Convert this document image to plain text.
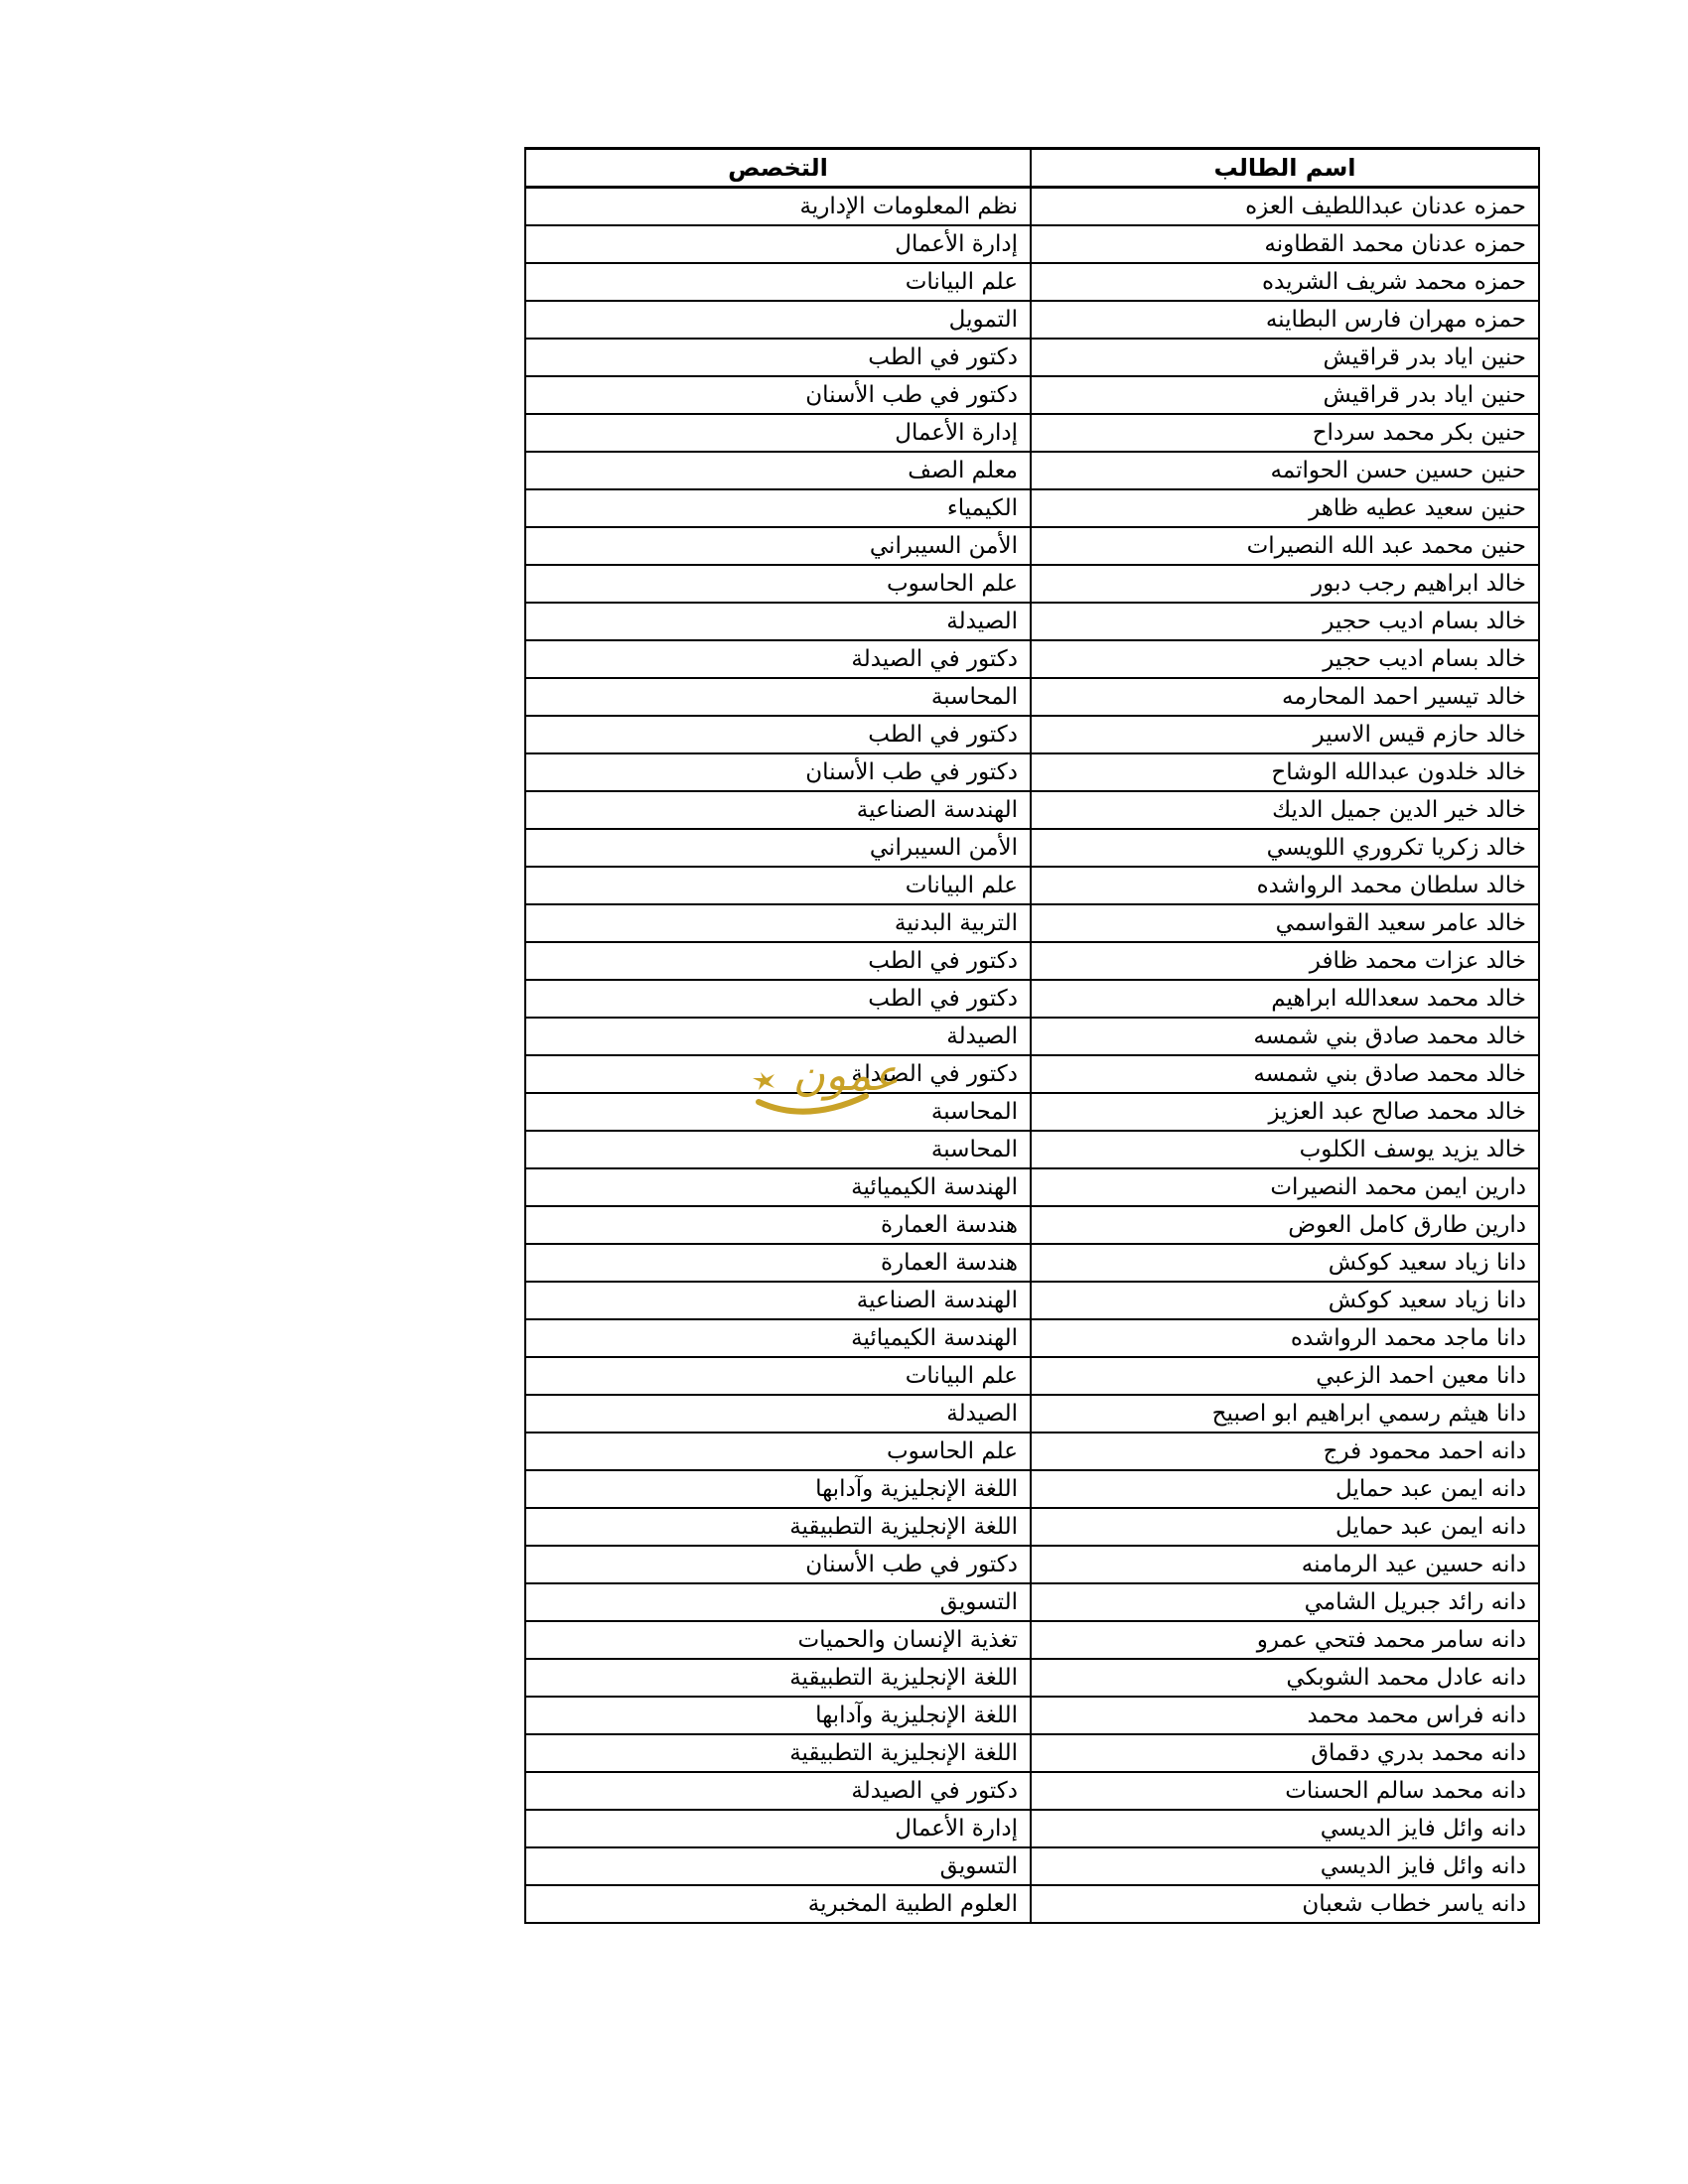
اسم الطالب	التخصص
حمزه عدنان عبداللطيف العزه	نظم المعلومات الإدارية
حمزه عدنان محمد القطاونه	إدارة الأعمال
حمزه محمد شريف الشريده	علم البيانات
حمزه مهران فارس البطاينه	التمويل
حنين اياد بدر قراقيش	دكتور في الطب
حنين اياد بدر قراقيش	دكتور في طب الأسنان
حنين بكر محمد سرداح	إدارة الأعمال
حنين حسين حسن الحواتمه	معلم الصف
حنين سعيد عطيه ظاهر	الكيمياء
حنين محمد عبد الله النصيرات	الأمن السيبراني
خالد ابراهيم رجب دبور	علم الحاسوب
خالد بسام اديب حجير	الصيدلة
خالد بسام اديب حجير	دكتور في الصيدلة
خالد تيسير احمد المحارمه	المحاسبة
خالد حازم قيس الاسير	دكتور في الطب
خالد خلدون عبدالله الوشاح	دكتور في طب الأسنان
خالد خير الدين جميل الديك	الهندسة الصناعية
خالد زكريا تكروري اللويسي	الأمن السيبراني
خالد سلطان محمد الرواشده	علم البيانات
خالد عامر سعيد القواسمي	التربية البدنية
خالد عزات محمد ظافر	دكتور في الطب
خالد محمد سعدالله ابراهيم	دكتور في الطب
خالد محمد صادق بني شمسه	الصيدلة
خالد محمد صادق بني شمسه	دكتور في الصيدلة
خالد محمد صالح عبد العزيز	المحاسبة
خالد يزيد يوسف الكلوب	المحاسبة
دارين ايمن محمد النصيرات	الهندسة الكيميائية
دارين طارق كامل العوض	هندسة العمارة
دانا زياد سعيد كوكش	هندسة العمارة
دانا زياد سعيد كوكش	الهندسة الصناعية
دانا ماجد محمد الرواشده	الهندسة الكيميائية
دانا معين احمد الزعبي	علم البيانات
دانا هيثم رسمي ابراهيم ابو اصبيح	الصيدلة
دانه احمد محمود فرج	علم الحاسوب
دانه ايمن عبد حمايل	اللغة الإنجليزية وآدابها
دانه ايمن عبد حمايل	اللغة الإنجليزية التطبيقية
دانه حسين عيد الرمامنه	دكتور في طب الأسنان
دانه رائد جبريل الشامي	التسويق
دانه سامر محمد فتحي عمرو	تغذية الإنسان والحميات
دانه عادل محمد الشوبكي	اللغة الإنجليزية التطبيقية
دانه فراس محمد محمد	اللغة الإنجليزية وآدابها
دانه محمد بدري دقماق	اللغة الإنجليزية التطبيقية
دانه محمد سالم الحسنات	دكتور في الصيدلة
دانه وائل فايز الديسي	إدارة الأعمال
دانه وائل فايز الديسي	التسويق
دانه ياسر خطاب شعبان	العلوم الطبية المخبرية
عمون
